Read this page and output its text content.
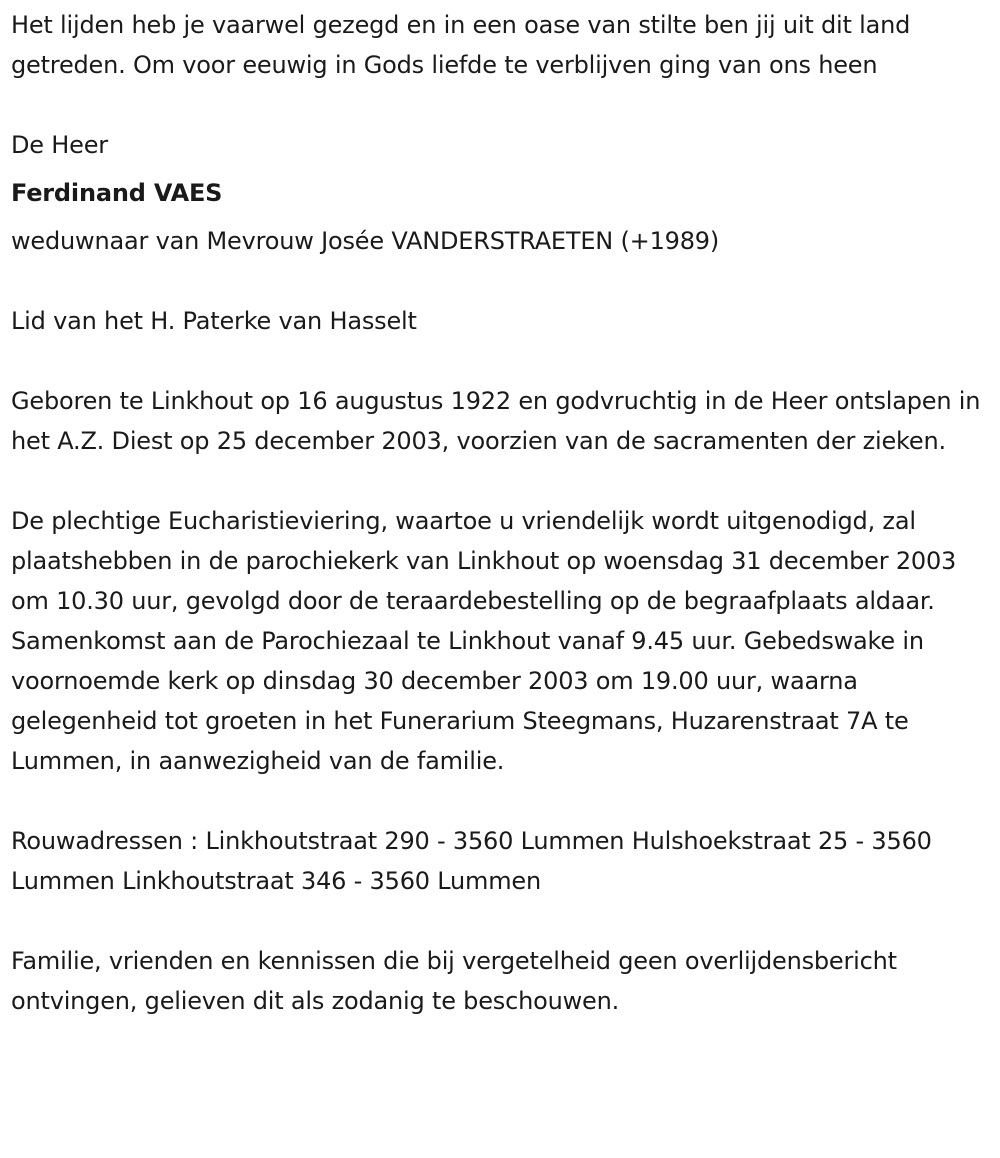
Het lijden heb je vaarwel gezegd en in een oase van stilte ben jij uit dit land getreden. Om voor eeuwig in Gods liefde te verblijven ging van ons heen

De Heer

Ferdinand VAES

weduwnaar van Mevrouw Josée VANDERSTRAETEN (+1989)

Lid van het H. Paterke van Hasselt

Geboren te Linkhout op 16 augustus 1922 en godvruchtig in de Heer ontslapen in het A.Z. Diest op 25 december 2003, voorzien van de sacramenten der zieken.

De plechtige Eucharistieviering, waartoe u vriendelijk wordt uitgenodigd, zal plaatshebben in de parochiekerk van Linkhout op woensdag 31 december 2003 om 10.30 uur, gevolgd door de teraardebestelling op de begraafplaats aldaar. Samenkomst aan de Parochiezaal te Linkhout vanaf 9.45 uur. Gebedswake in voornoemde kerk op dinsdag 30 december 2003 om 19.00 uur, waarna gelegenheid tot groeten in het Funerarium Steegmans, Huzarenstraat 7A te Lummen, in aanwezigheid van de familie.

Rouwadressen : Linkhoutstraat 290 - 3560 Lummen Hulshoekstraat 25 - 3560 Lummen Linkhoutstraat 346 - 3560 Lummen

Familie, vrienden en kennissen die bij vergetelheid geen overlijdensbericht ontvingen, gelieven dit als zodanig te beschouwen.
